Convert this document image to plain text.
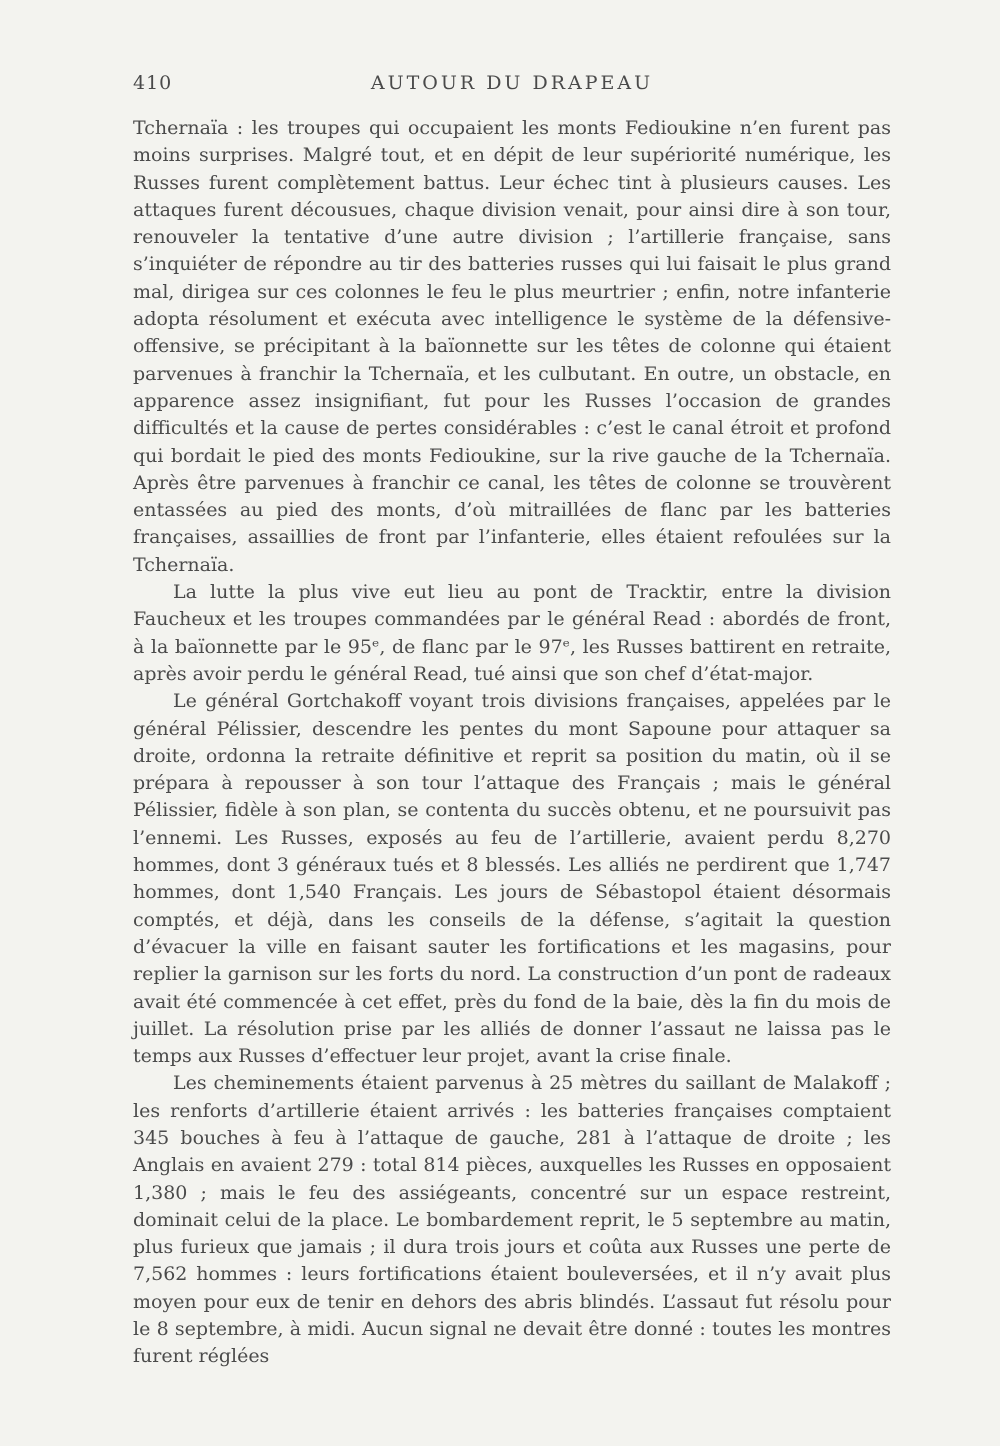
410	AUTOUR DU DRAPEAU

Tchernaïa : les troupes qui occupaient les monts Fedioukine n’en furent pas moins surprises. Malgré tout, et en dépit de leur supériorité numérique, les Russes furent complètement battus. Leur échec tint à plusieurs causes. Les attaques furent décousues, chaque division venait, pour ainsi dire à son tour, renouveler la tentative d’une autre division ; l’artillerie française, sans s’inquiéter de répondre au tir des batteries russes qui lui faisait le plus grand mal, dirigea sur ces colonnes le feu le plus meurtrier ; enfin, notre infanterie adopta résolument et exécuta avec intelligence le système de la défensive-offensive, se précipitant à la baïonnette sur les têtes de colonne qui étaient parvenues à franchir la Tchernaïa, et les culbutant. En outre, un obstacle, en apparence assez insignifiant, fut pour les Russes l’occasion de grandes difficultés et la cause de pertes considérables : c’est le canal étroit et profond qui bordait le pied des monts Fedioukine, sur la rive gauche de la Tchernaïa. Après être parvenues à franchir ce canal, les têtes de colonne se trouvèrent entassées au pied des monts, d’où mitraillées de flanc par les batteries françaises, assaillies de front par l’infanterie, elles étaient refoulées sur la Tchernaïa.

La lutte la plus vive eut lieu au pont de Tracktir, entre la division Faucheux et les troupes commandées par le général Read : abordés de front, à la baïonnette par le 95ᵉ, de flanc par le 97ᵉ, les Russes battirent en retraite, après avoir perdu le général Read, tué ainsi que son chef d’état-major.

Le général Gortchakoff voyant trois divisions françaises, appelées par le général Pélissier, descendre les pentes du mont Sapoune pour attaquer sa droite, ordonna la retraite définitive et reprit sa position du matin, où il se prépara à repousser à son tour l’attaque des Français ; mais le général Pélissier, fidèle à son plan, se contenta du succès obtenu, et ne poursuivit pas l’ennemi. Les Russes, exposés au feu de l’artillerie, avaient perdu 8,270 hommes, dont 3 généraux tués et 8 blessés. Les alliés ne perdirent que 1,747 hommes, dont 1,540 Français. Les jours de Sébastopol étaient désormais comptés, et déjà, dans les conseils de la défense, s’agitait la question d’évacuer la ville en faisant sauter les fortifications et les magasins, pour replier la garnison sur les forts du nord. La construction d’un pont de radeaux avait été commencée à cet effet, près du fond de la baie, dès la fin du mois de juillet. La résolution prise par les alliés de donner l’assaut ne laissa pas le temps aux Russes d’effectuer leur projet, avant la crise finale.

Les cheminements étaient parvenus à 25 mètres du saillant de Malakoff ; les renforts d’artillerie étaient arrivés : les batteries françaises comptaient 345 bouches à feu à l’attaque de gauche, 281 à l’attaque de droite ; les Anglais en avaient 279 : total 814 pièces, auxquelles les Russes en opposaient 1,380 ; mais le feu des assiégeants, concentré sur un espace restreint, dominait celui de la place. Le bombardement reprit, le 5 septembre au matin, plus furieux que jamais ; il dura trois jours et coûta aux Russes une perte de 7,562 hommes : leurs fortifications étaient bouleversées, et il n’y avait plus moyen pour eux de tenir en dehors des abris blindés. L’assaut fut résolu pour le 8 septembre, à midi. Aucun signal ne devait être donné : toutes les montres furent réglées
